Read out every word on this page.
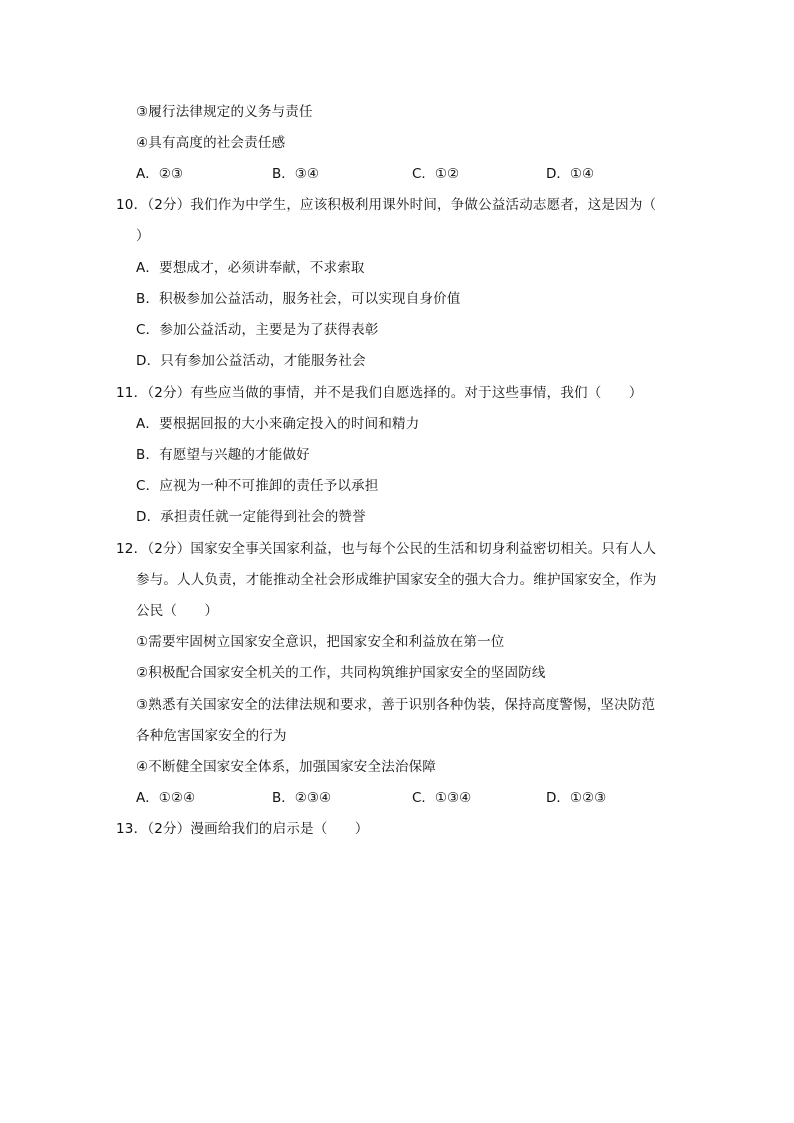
③履行法律规定的义务与责任
④具有高度的社会责任感
A．②③	B．③④	C．①②	D．①④
10．（2分）我们作为中学生，应该积极利用课外时间，争做公益活动志愿者，这是因为（
）
A．要想成才，必须讲奉献，不求索取
B．积极参加公益活动，服务社会，可以实现自身价值
C．参加公益活动，主要是为了获得表彰
D．只有参加公益活动，才能服务社会
11．（2分）有些应当做的事情，并不是我们自愿选择的。对于这些事情，我们（　　）
A．要根据回报的大小来确定投入的时间和精力
B．有愿望与兴趣的才能做好
C．应视为一种不可推卸的责任予以承担
D．承担责任就一定能得到社会的赞誉
12．（2分）国家安全事关国家利益，也与每个公民的生活和切身利益密切相关。只有人人
参与。人人负责，才能推动全社会形成维护国家安全的强大合力。维护国家安全，作为
公民（　　）
①需要牢固树立国家安全意识，把国家安全和利益放在第一位
②积极配合国家安全机关的工作，共同构筑维护国家安全的坚固防线
③熟悉有关国家安全的法律法规和要求，善于识别各种伪装，保持高度警惕，坚决防范
各种危害国家安全的行为
④不断健全国家安全体系，加强国家安全法治保障
A．①②④	B．②③④	C．①③④	D．①②③
13．（2分）漫画给我们的启示是（　　）
